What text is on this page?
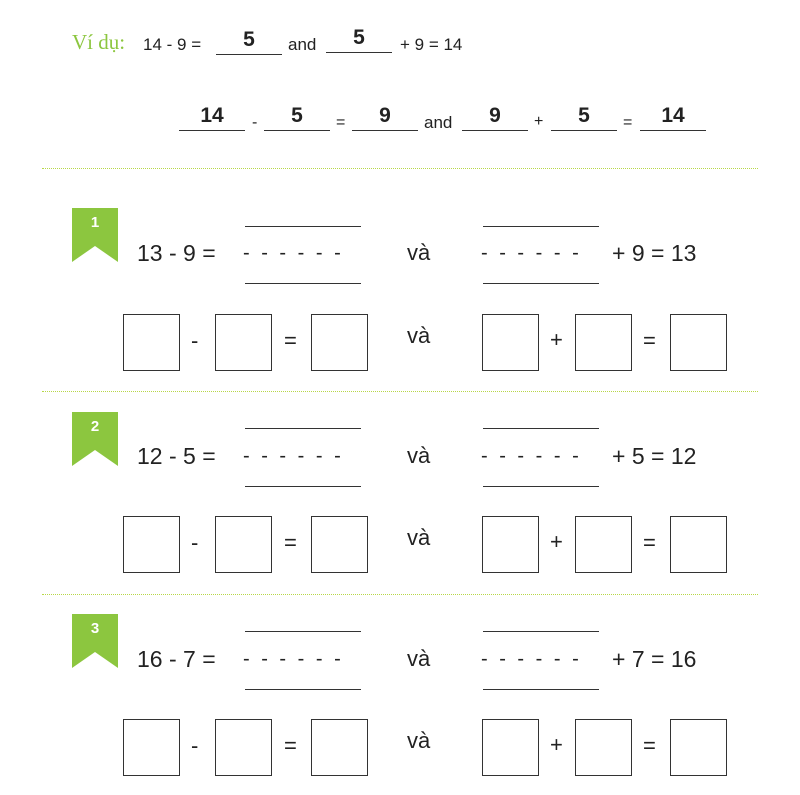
Ví dụ: 14 - 9 =	5	and	5	+ 9 = 14
14	-	5	=	9	and	9	+	5	=	14
1
13 - 9 = - - - - - -	và	- - - - - - + 9 = 13
-	=	và	+	=
2
12 - 5 = - - - - - -	và	- - - - - - + 5 = 12
-	=	và	+	=
3
16 - 7 = - - - - - -	và	- - - - - - + 7 = 16
-	=	và	+	=
